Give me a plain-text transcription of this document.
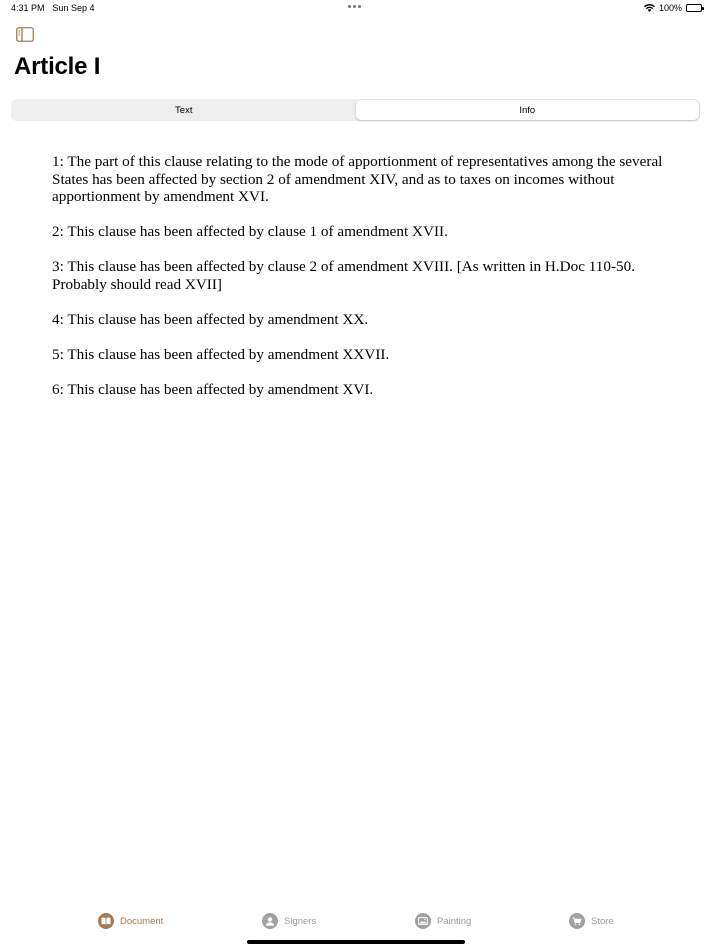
4:31 PM Sun Sep 4	100%
Article I
Text	Info

1: The part of this clause relating to the mode of apportionment of representatives among the several States has been affected by section 2 of amendment XIV, and as to taxes on incomes without apportionment by amendment XVI.

2: This clause has been affected by clause 1 of amendment XVII.

3: This clause has been affected by clause 2 of amendment XVIII. [As written in H.Doc 110-50. Probably should read XVII]

4: This clause has been affected by amendment XX.

5: This clause has been affected by amendment XXVII.

6: This clause has been affected by amendment XVI.

Document	Signers	Painting	Store
